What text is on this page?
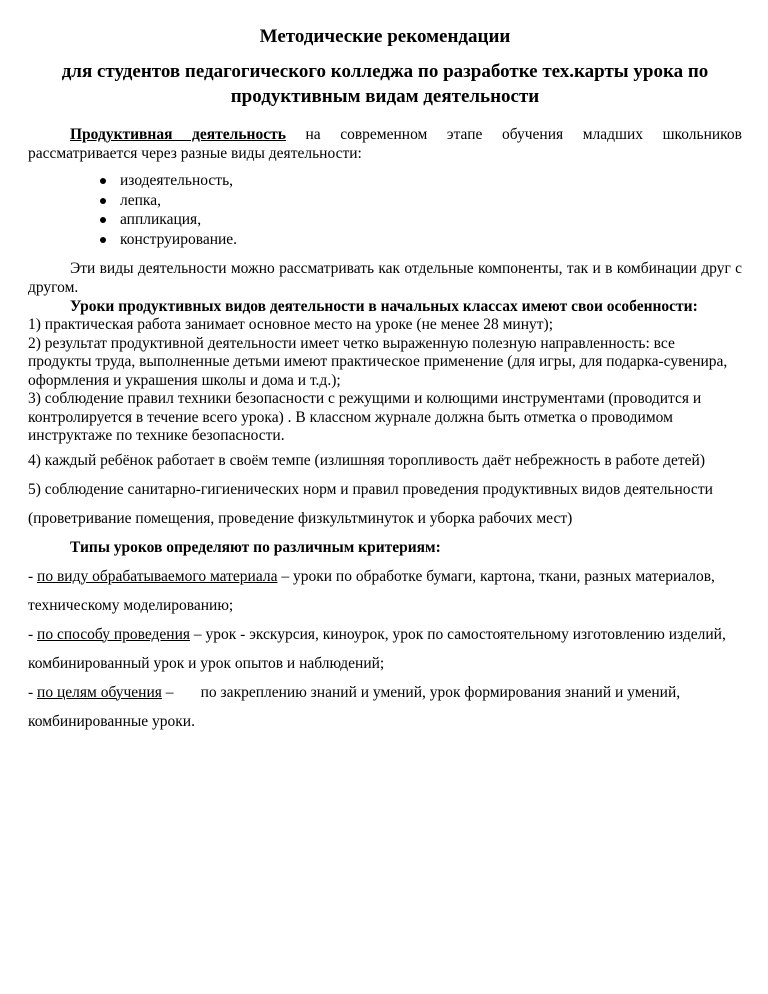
Методические рекомендации
для студентов педагогического колледжа по разработке тех.карты урока по продуктивным видам деятельности

Продуктивная деятельность на современном этапе обучения младших школьников рассматривается через разные виды деятельности:

изодеятельность,
лепка,
аппликация,
конструирование.

Эти виды деятельности можно рассматривать как отдельные компоненты, так и в комбинации друг с другом.

Уроки продуктивных видов деятельности в начальных классах имеют свои особенности:

1) практическая работа занимает основное место на уроке (не менее 28 минут);

2) результат продуктивной деятельности имеет четко выраженную полезную направленность: все продукты труда, выполненные детьми имеют практическое применение (для игры, для подарка-сувенира, оформления и украшения школы и дома и т.д.);

3) соблюдение правил техники безопасности с режущими и колющими инструментами (проводится и контролируется в течение всего урока) . В классном журнале должна быть отметка о проводимом инструктаже по технике безопасности.

4) каждый ребёнок работает в своём темпе (излишняя торопливость даёт небрежность в работе детей)

5) соблюдение санитарно-гигиенических норм и правил проведения продуктивных видов деятельности (проветривание помещения, проведение физкультминуток и уборка рабочих мест)

Типы уроков определяют по различным критериям:

- по виду обрабатываемого материала – уроки по обработке бумаги, картона, ткани, разных материалов, техническому моделированию;

- по способу проведения – урок - экскурсия, киноурок, урок по самостоятельному изготовлению изделий, комбинированный урок и урок опытов и наблюдений;

- по целям обучения –       по закреплению знаний и умений, урок формирования знаний и умений, комбинированные уроки.
